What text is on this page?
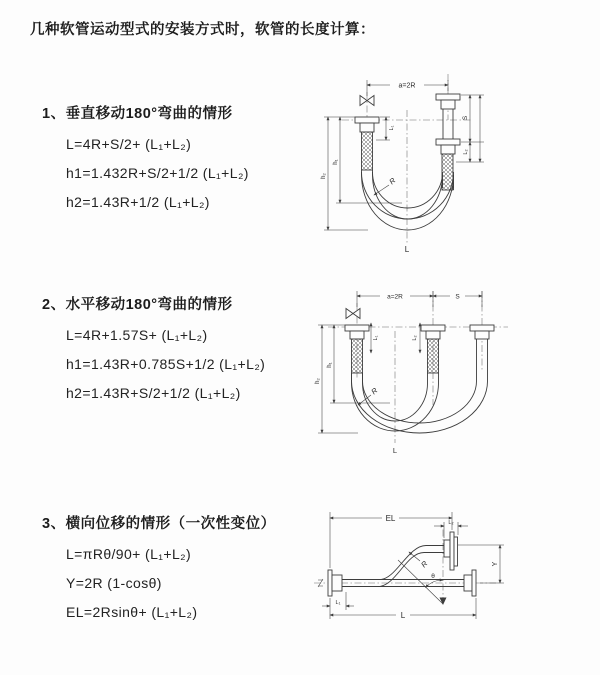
几种软管运动型式的安装方式时，软管的长度计算：
1、垂直移动180°弯曲的情形
L=4R+S/2+ (L₁+L₂)
h1=1.432R+S/2+1/2 (L₁+L₂)
h2=1.43R+1/2 (L₁+L₂)
2、水平移动180°弯曲的情形
L=4R+1.57S+ (L₁+L₂)
h1=1.43R+0.785S+1/2 (L₁+L₂)
h2=1.43R+S/2+1/2 (L₁+L₂)
3、横向位移的情形（一次性变位）
L=πRθ/90+ (L₁+L₂)
Y=2R (1-cosθ)
EL=2Rsinθ+ (L₁+L₂)
a=2R
L₁
S
L₂
h₁
h₂	R
L
a=2R	S
L₁	L₂
h₁
h₂
R
L
EL	L₂
Y
θ
R
L
L₁
